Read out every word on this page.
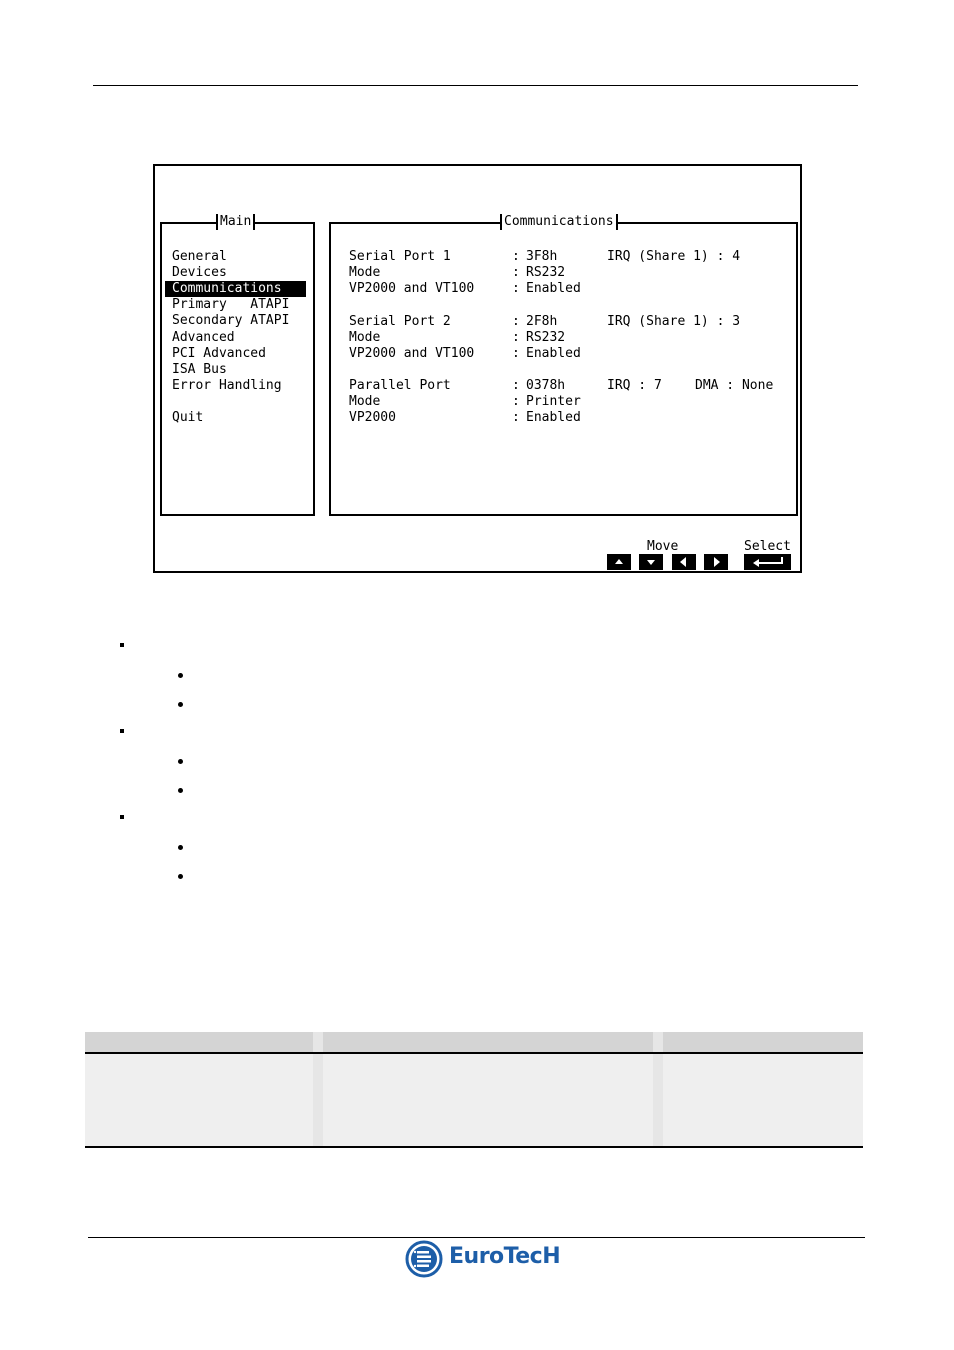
Main
General
Devices
Communications
Primary   ATAPI
Secondary ATAPI
Advanced
PCI Advanced
ISA Bus
Error Handling
Quit
Communications
Serial Port 1	: 3F8h	IRQ (Share 1) : 4
Mode	: RS232
VP2000 and VT100	: Enabled
Serial Port 2	: 2F8h	IRQ (Share 1) : 3
Mode	: RS232
VP2000 and VT100	: Enabled
Parallel Port	: 0378h	IRQ : 7	DMA : None
Mode	: Printer
VP2000	: Enabled
Move	Select
EuroTecH
